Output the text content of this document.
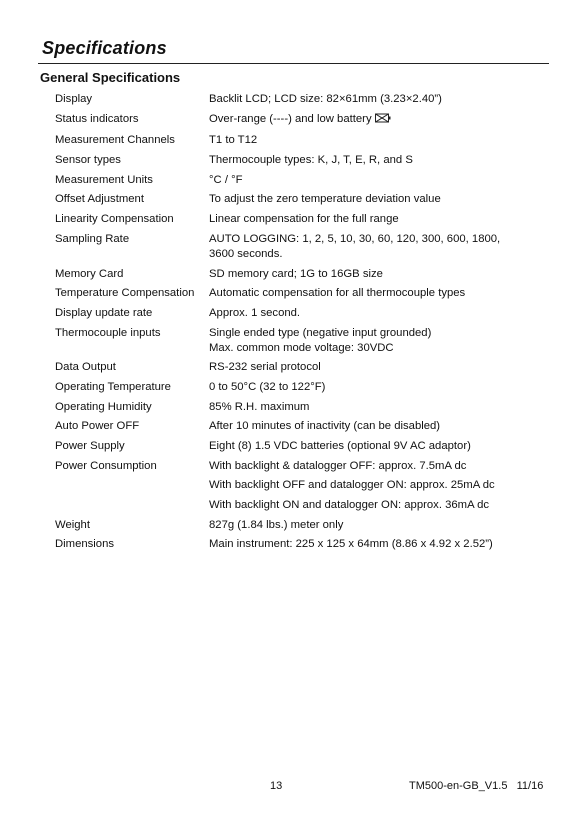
Specifications
General Specifications
Display	Backlit LCD; LCD size: 82×61mm (3.23×2.40”)
Status indicators	Over-range (----) and low battery
Measurement Channels	T1 to T12
Sensor types	Thermocouple types: K, J, T, E, R, and S
Measurement Units	°C / °F
Offset Adjustment	To adjust the zero temperature deviation value
Linearity Compensation	Linear compensation for the full range
Sampling Rate	AUTO LOGGING: 1, 2, 5, 10, 30, 60, 120, 300, 600, 1800,
3600 seconds.
Memory Card	SD memory card; 1G to 16GB size
Temperature Compensation	Automatic compensation for all thermocouple types
Display update rate	Approx. 1 second.
Thermocouple inputs	Single ended type (negative input grounded)
Max. common mode voltage: 30VDC
Data Output	RS-232 serial protocol
Operating Temperature	0 to 50°C (32 to 122°F)
Operating Humidity	85% R.H. maximum
Auto Power OFF	After 10 minutes of inactivity (can be disabled)
Power Supply	Eight (8) 1.5 VDC batteries (optional 9V AC adaptor)
Power Consumption	With backlight & datalogger OFF: approx. 7.5mA dc
With backlight OFF and datalogger ON: approx. 25mA dc
With backlight ON and datalogger ON: approx. 36mA dc
Weight	827g (1.84 lbs.) meter only
Dimensions	Main instrument: 225 x 125 x 64mm (8.86 x 4.92 x 2.52”)
13	TM500-en-GB_V1.5   11/16
